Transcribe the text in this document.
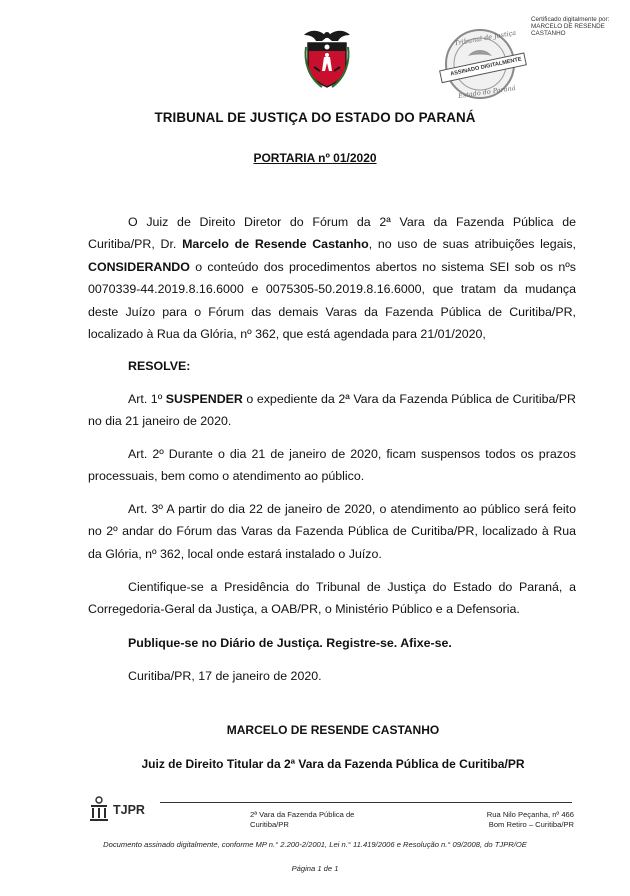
Certificado digitalmente por:
MARCELO DE RESENDE
CASTANHO
Tribunal de Justiça
ASSINADO DIGITALMENTE
Estado do Paraná
TRIBUNAL DE JUSTIÇA DO ESTADO DO PARANÁ
PORTARIA nº 01/2020

O Juiz de Direito Diretor do Fórum da 2ª Vara da Fazenda Pública de Curitiba/PR, Dr. Marcelo de Resende Castanho, no uso de suas atribuições legais, CONSIDERANDO o conteúdo dos procedimentos abertos no sistema SEI sob os nºs 0070339-44.2019.8.16.6000 e 0075305-50.2019.8.16.6000, que tratam da mudança deste Juízo para o Fórum das demais Varas da Fazenda Pública de Curitiba/PR, localizado à Rua da Glória, nº 362, que está agendada para 21/01/2020,

RESOLVE:

Art. 1º SUSPENDER o expediente da 2ª Vara da Fazenda Pública de Curitiba/PR no dia 21 janeiro de 2020.

Art. 2º Durante o dia 21 de janeiro de 2020, ficam suspensos todos os prazos processuais, bem como o atendimento ao público.

Art. 3º A partir do dia 22 de janeiro de 2020, o atendimento ao público será feito no 2º andar do Fórum das Varas da Fazenda Pública de Curitiba/PR, localizado à Rua da Glória, nº 362, local onde estará instalado o Juízo.

Cientifique-se a Presidência do Tribunal de Justiça do Estado do Paraná, a Corregedoria-Geral da Justiça, a OAB/PR, o Ministério Público e a Defensoria.

Publique-se no Diário de Justiça. Registre-se. Afixe-se.

Curitiba/PR, 17 de janeiro de 2020.

MARCELO DE RESENDE CASTANHO
Juiz de Direito Titular da 2ª Vara da Fazenda Pública de Curitiba/PR
TJPR	2ª Vara da Fazenda Pública de
Curitiba/PR
Rua Nilo Peçanha, nº 466
Bom Retiro – Curitiba/PR
Documento assinado digitalmente, conforme MP n.° 2.200-2/2001, Lei n.° 11.419/2006 e Resolução n.° 09/2008, do TJPR/OE
Página 1 de 1
